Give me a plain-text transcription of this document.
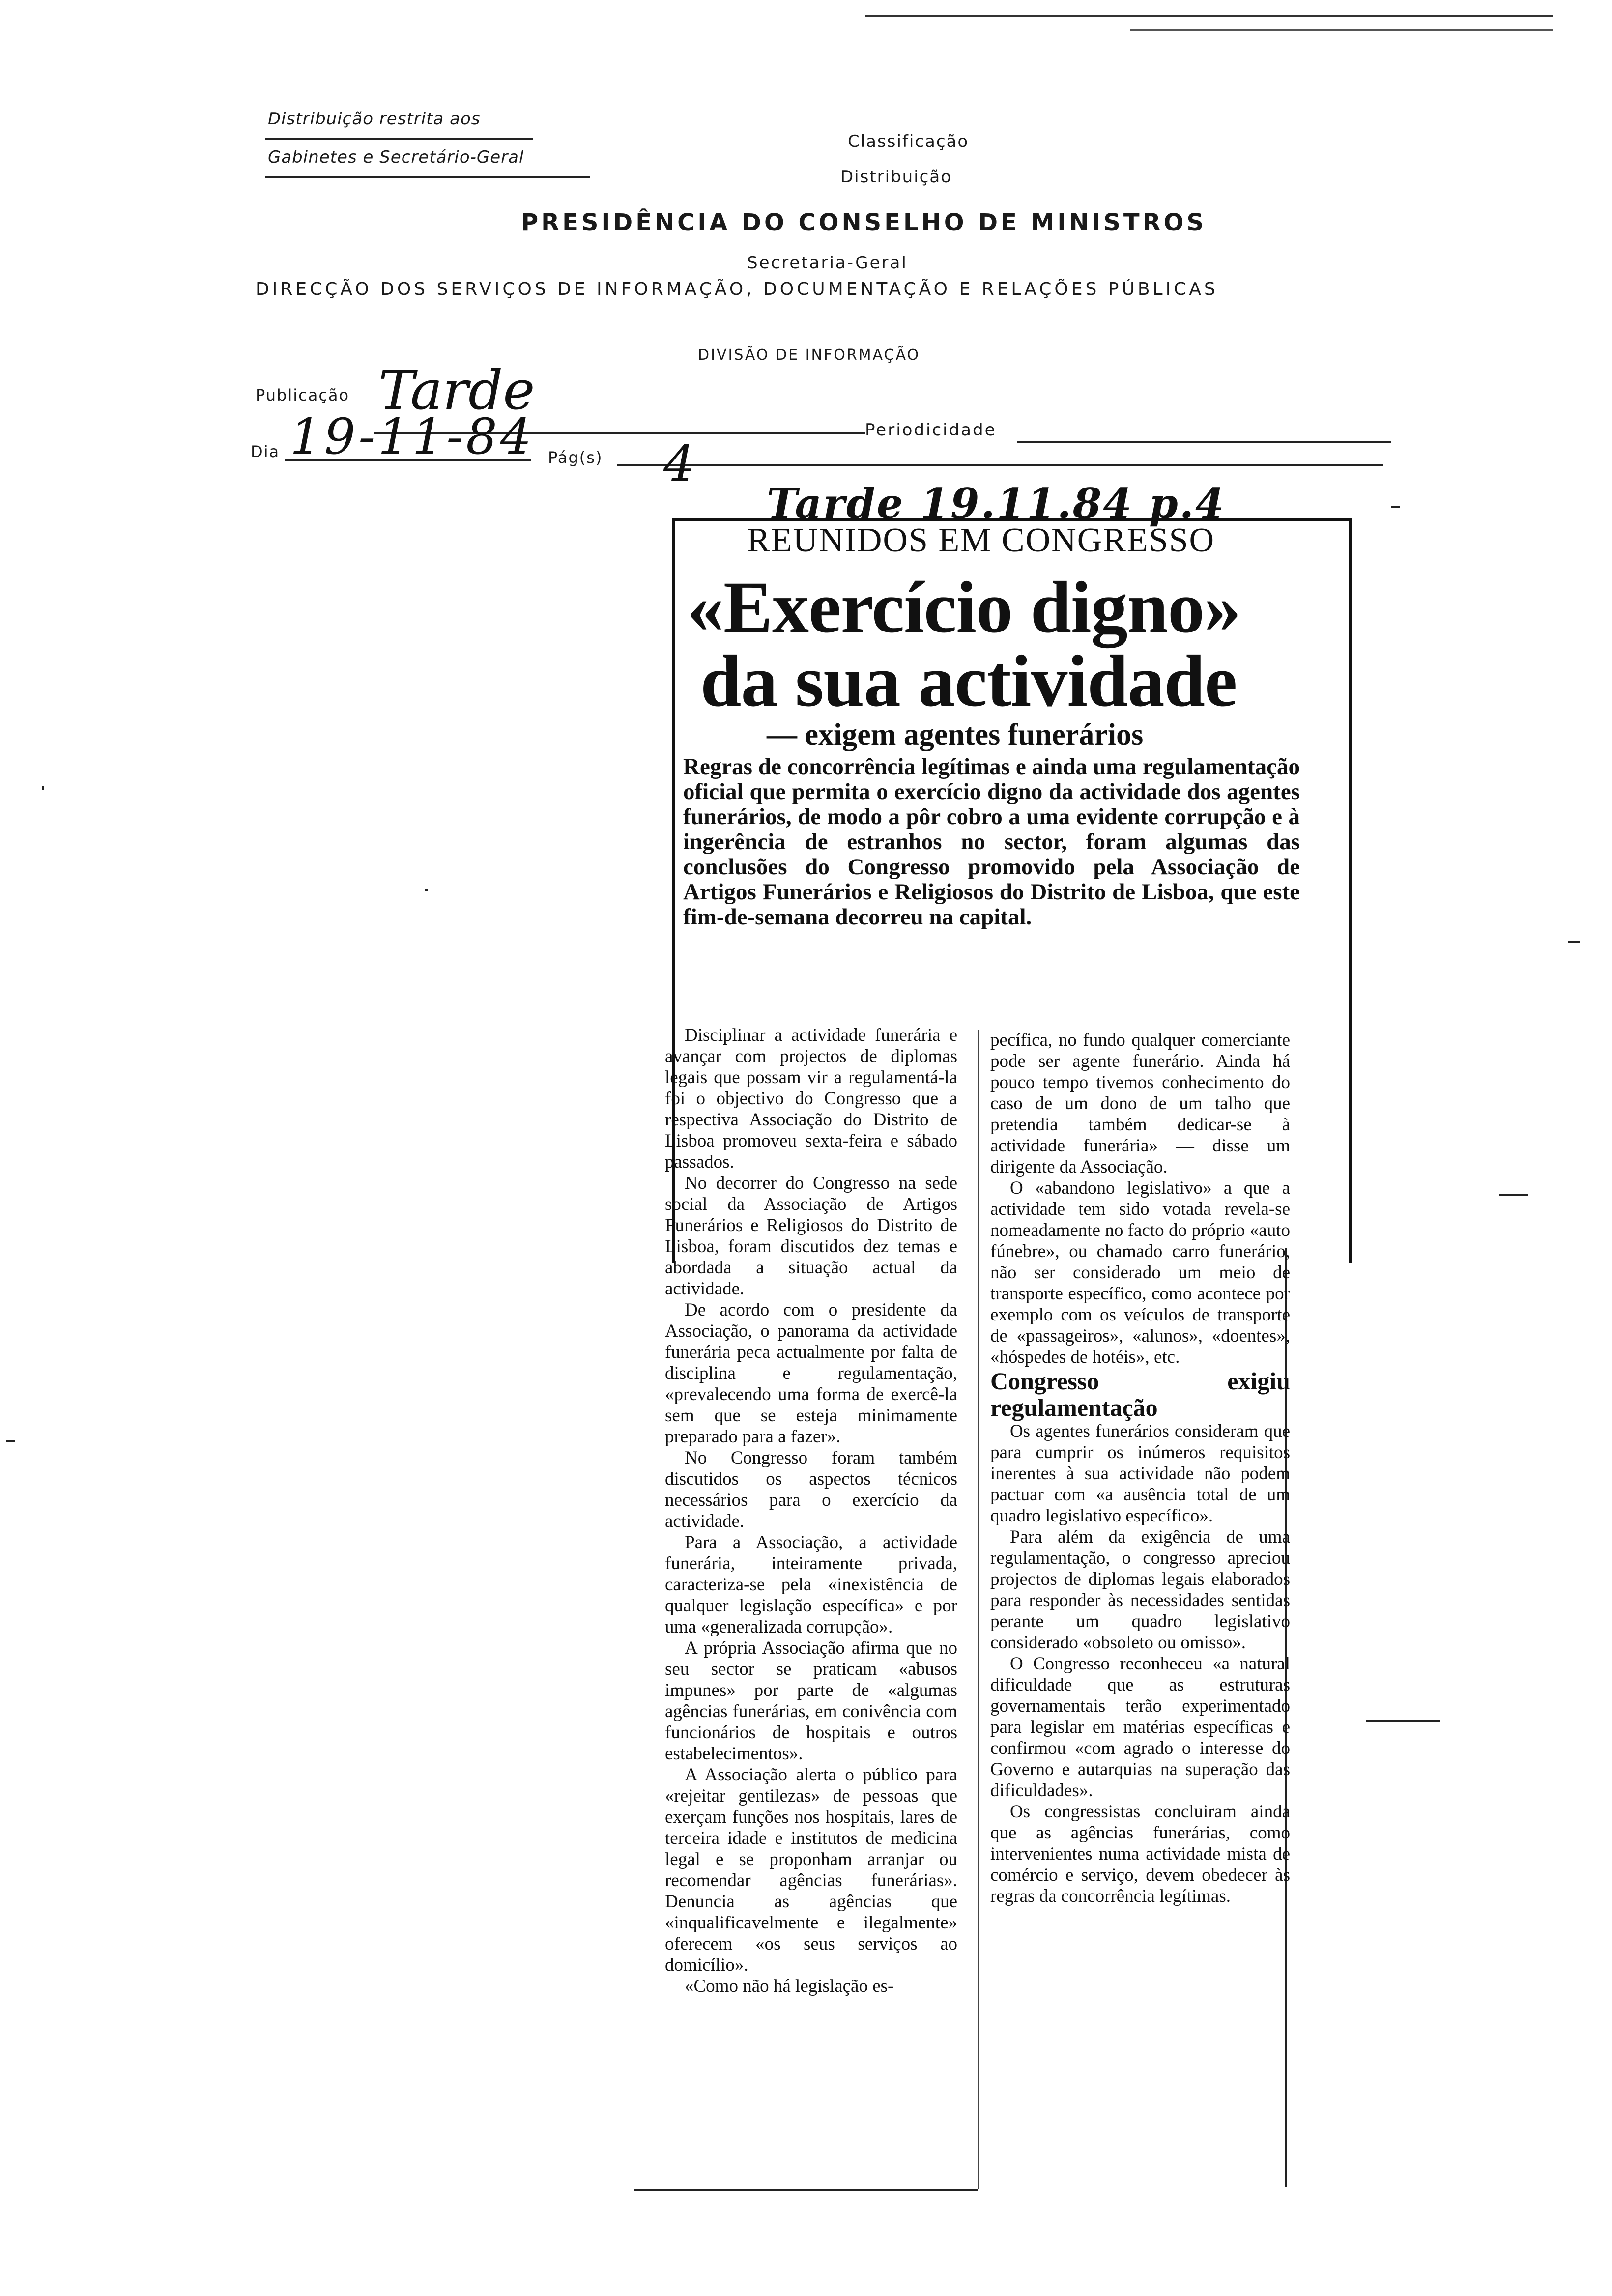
Distribuição restrita aos
Gabinetes e Secretário-Geral
Classificação
Distribuição
PRESIDÊNCIA DO CONSELHO DE MINISTROS
Secretaria-Geral
DIRECÇÃO DOS SERVIÇOS DE INFORMAÇÃO, DOCUMENTAÇÃO E RELAÇÕES PÚBLICAS
DIVISÃO DE INFORMAÇÃO
Publicação Tarde
Periodicidade
Dia 19-11-84 Pág(s) 4
Tarde 19.11.84 p.4
REUNIDOS EM CONGRESSO
«Exercício digno»
da sua actividade
— exigem agentes funerários
Regras de concorrência legítimas e ainda uma regulamentação oficial que permita o exercício digno da actividade dos agentes funerários, de modo a pôr cobro a uma evidente corrupção e à ingerência de estranhos no sector, foram algumas das conclusões do Congresso promovido pela Associação de Artigos Funerários e Religiosos do Distrito de Lisboa, que este fim-de-semana decorreu na capital.

Disciplinar a actividade funerária e avançar com projectos de diplomas legais que possam vir a regulamentá-la foi o objectivo do Congresso que a respectiva Associação do Distrito de Lisboa promoveu sexta-feira e sábado passados.

No decorrer do Congresso na sede social da Associação de Artigos Funerários e Religiosos do Distrito de Lisboa, foram discutidos dez temas e abordada a situação actual da actividade.

De acordo com o presidente da Associação, o panorama da actividade funerária peca actualmente por falta de disciplina e regulamentação, «prevalecendo uma forma de exercê-la sem que se esteja minimamente preparado para a fazer».

No Congresso foram também discutidos os aspectos técnicos necessários para o exercício da actividade.

Para a Associação, a actividade funerária, inteiramente privada, caracteriza-se pela «inexistência de qualquer legislação específica» e por uma «generalizada corrupção».

A própria Associação afirma que no seu sector se praticam «abusos impunes» por parte de «algumas agências funerárias, em conivência com funcionários de hospitais e outros estabelecimentos».

A Associação alerta o público para «rejeitar gentilezas» de pessoas que exerçam funções nos hospitais, lares de terceira idade e institutos de medicina legal e se proponham arranjar ou recomendar agências funerárias». Denuncia as agências que «inqualificavelmente e ilegalmente» oferecem «os seus serviços ao domicílio».

«Como não há legislação es-

pecífica, no fundo qualquer comerciante pode ser agente funerário. Ainda há pouco tempo tivemos conhecimento do caso de um dono de um talho que pretendia também dedicar-se à actividade funerária» — disse um dirigente da Associação.

O «abandono legislativo» a que a actividade tem sido votada revela-se nomeadamente no facto do próprio «auto fúnebre», ou chamado carro funerário, não ser considerado um meio de transporte específico, como acontece por exemplo com os veículos de transporte de «passageiros», «alunos», «doentes», «hóspedes de hotéis», etc.

Congresso exigiu regulamentação

Os agentes funerários consideram que para cumprir os inúmeros requisitos inerentes à sua actividade não podem pactuar com «a ausência total de um quadro legislativo específico».

Para além da exigência de uma regulamentação, o congresso apreciou projectos de diplomas legais elaborados para responder às necessidades sentidas perante um quadro legislativo considerado «obsoleto ou omisso».

O Congresso reconheceu «a natural dificuldade que as estruturas governamentais terão experimentado para legislar em matérias específicas e confirmou «com agrado o interesse do Governo e autarquias na superação das dificuldades».

Os congressistas concluiram ainda que as agências funerárias, como intervenientes numa actividade mista de comércio e serviço, devem obedecer às regras da concorrência legítimas.
